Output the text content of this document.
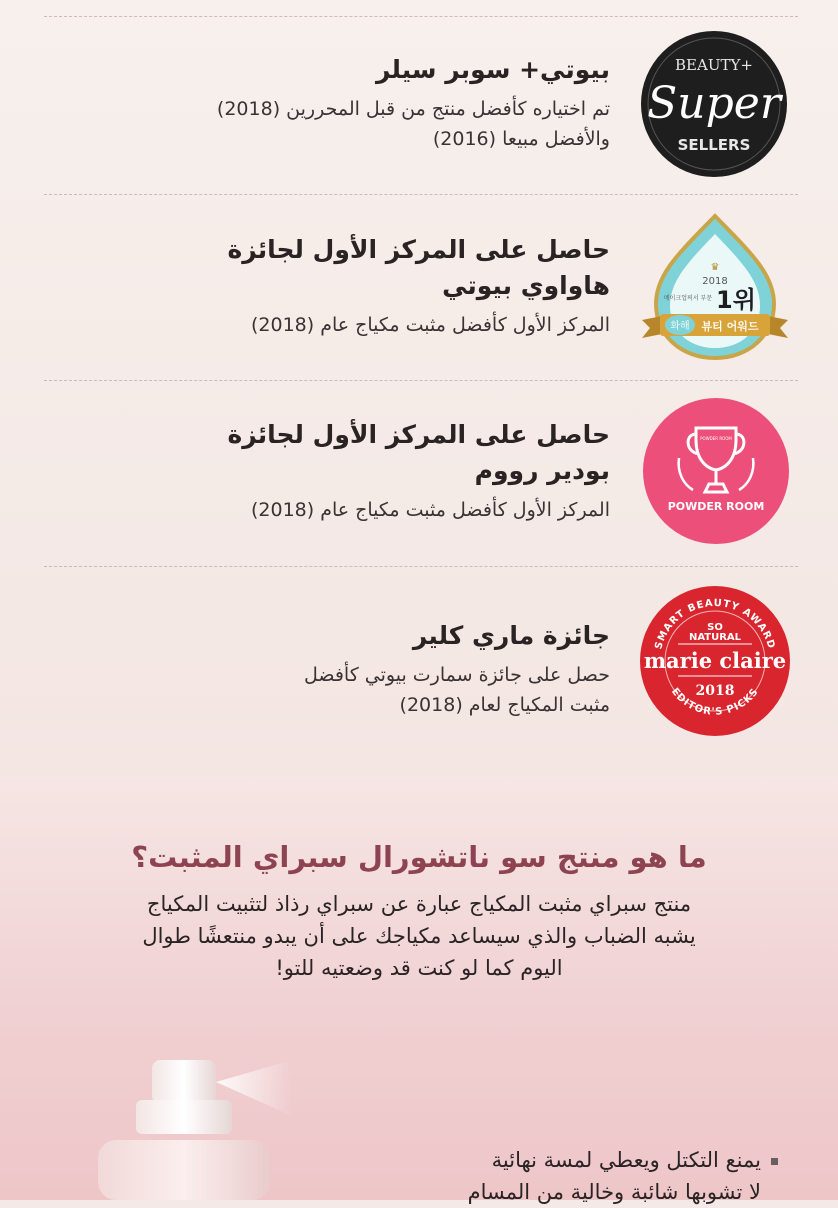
بيوتي+ سوبر سيلر

تم اختياره كأفضل منتج من قبل المحررين (2018)
والأفضل مبيعا (2016)

BEAUTY+
Super
SELLERS

حاصل على المركز الأول لجائزة
هاواوي بيوتي

المركز الأول كأفضل مثبت مكياج عام (2018)

♛
2018
메이크업픽서 부문 1위
화해 뷰티 어워드

حاصل على المركز الأول لجائزة
بودير رووم

المركز الأول كأفضل مثبت مكياج عام (2018)

POWDER ROOM
POWDER ROOM

جائزة ماري كلير

حصل على جائزة سمارت بيوتي كأفضل
مثبت المكياج لعام (2018)

SMART BEAUTY AWARD
SO
NATURAL
marie claire
2018
EDITOR'S PICKS
ما هو منتج سو ناتشورال سبراي المثبت؟

منتج سبراي مثبت المكياج عبارة عن سبراي رذاذ لتثبيت المكياج
يشبه الضباب والذي سيساعد مكياجك على أن يبدو منتعشًا طوال
اليوم كما لو كنت قد وضعتيه للتو!

يمنع التكتل ويعطي لمسة نهائية
لا تشوبها شائبة وخالية من المسام
